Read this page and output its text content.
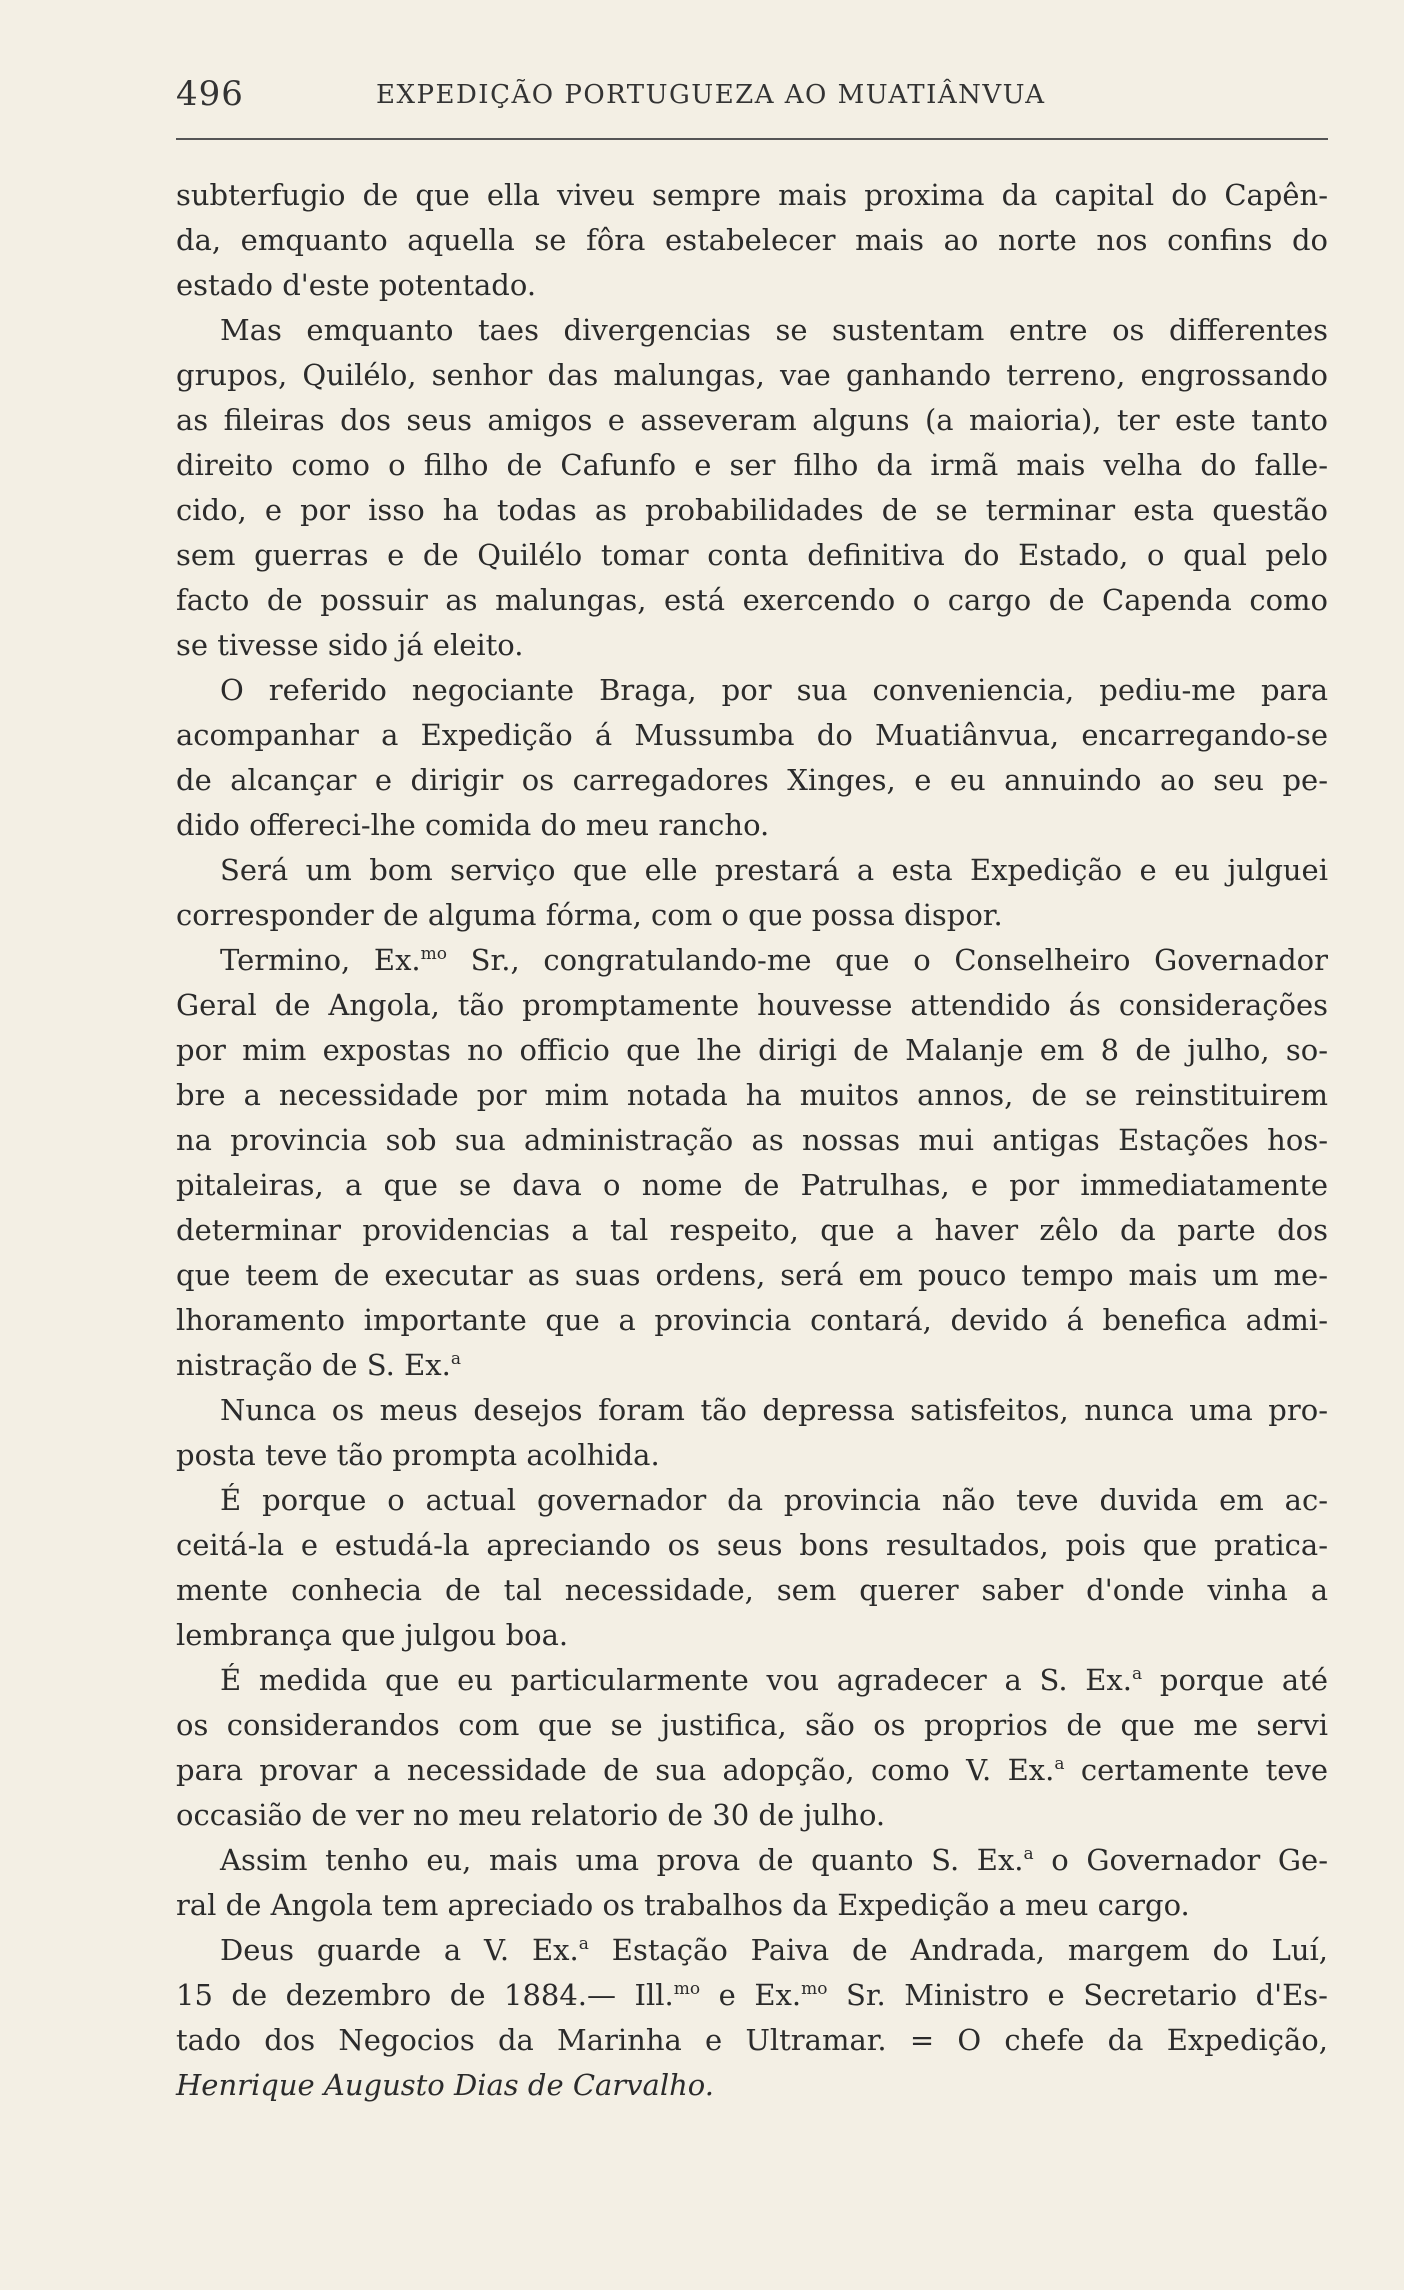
496	EXPEDIÇÃO PORTUGUEZA AO MUATIÂNVUA
subterfugio de que ella viveu sempre mais proxima da capital do Capên-
da, emquanto aquella se fôra estabelecer mais ao norte nos confins do
estado d'este potentado.
Mas emquanto taes divergencias se sustentam entre os differentes
grupos, Quilélo, senhor das malungas, vae ganhando terreno, engrossando
as fileiras dos seus amigos e asseveram alguns (a maioria), ter este tanto
direito como o filho de Cafunfo e ser filho da irmã mais velha do falle-
cido, e por isso ha todas as probabilidades de se terminar esta questão
sem guerras e de Quilélo tomar conta definitiva do Estado, o qual pelo
facto de possuir as malungas, está exercendo o cargo de Capenda como
se tivesse sido já eleito.
O referido negociante Braga, por sua conveniencia, pediu-me para
acompanhar a Expedição á Mussumba do Muatiânvua, encarregando-se
de alcançar e dirigir os carregadores Xinges, e eu annuindo ao seu pe-
dido offereci-lhe comida do meu rancho.
Será um bom serviço que elle prestará a esta Expedição e eu julguei
corresponder de alguma fórma, com o que possa dispor.
Termino, Ex.$^{mo}$ Sr., congratulando-me que o Conselheiro Governador
Geral de Angola, tão promptamente houvesse attendido ás considerações
por mim expostas no officio que lhe dirigi de Malanje em 8 de julho, so-
bre a necessidade por mim notada ha muitos annos, de se reinstituirem
na provincia sob sua administração as nossas mui antigas Estações hos-
pitaleiras, a que se dava o nome de Patrulhas, e por immediatamente
determinar providencias a tal respeito, que a haver zêlo da parte dos
que teem de executar as suas ordens, será em pouco tempo mais um me-
lhoramento importante que a provincia contará, devido á benefica admi-
nistração de S. Ex.$^a$
Nunca os meus desejos foram tão depressa satisfeitos, nunca uma pro-
posta teve tão prompta acolhida.
É porque o actual governador da provincia não teve duvida em ac-
ceitá-la e estudá-la apreciando os seus bons resultados, pois que pratica-
mente conhecia de tal necessidade, sem querer saber d'onde vinha a
lembrança que julgou boa.
É medida que eu particularmente vou agradecer a S. Ex.$^a$ porque até
os considerandos com que se justifica, são os proprios de que me servi
para provar a necessidade de sua adopção, como V. Ex.$^a$ certamente teve
occasião de ver no meu relatorio de 30 de julho.
Assim tenho eu, mais uma prova de quanto S. Ex.$^a$ o Governador Ge-
ral de Angola tem apreciado os trabalhos da Expedição a meu cargo.
Deus guarde a V. Ex.$^a$ Estação Paiva de Andrada, margem do Luí,
15 de dezembro de 1884.— Ill.$^{mo}$ e Ex.$^{mo}$ Sr. Ministro e Secretario d'Es-
tado dos Negocios da Marinha e Ultramar. = O chefe da Expedição,
Henrique Augusto Dias de Carvalho.
